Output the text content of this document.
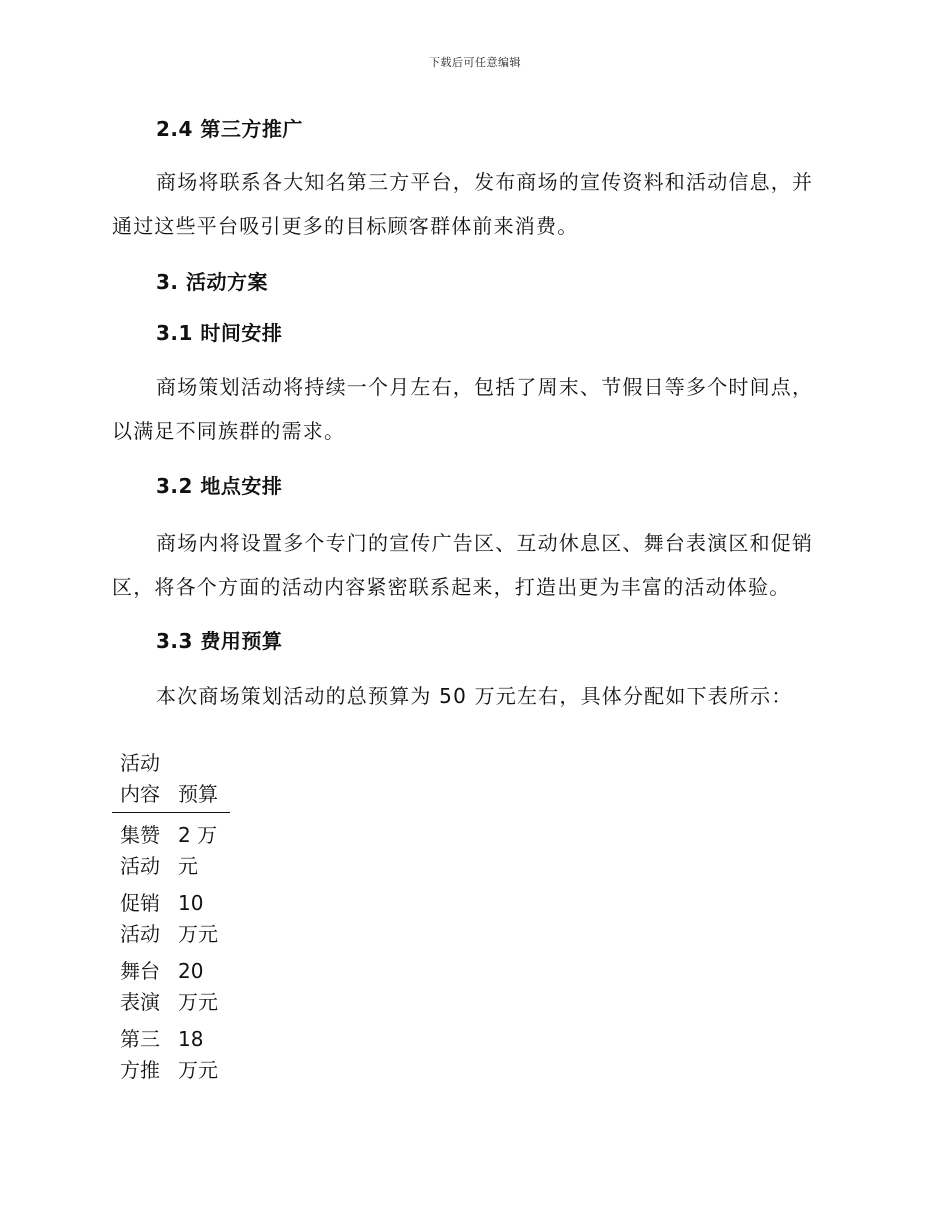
下载后可任意编辑
2.4 第三方推广

商场将联系各大知名第三方平台，发布商场的宣传资料和活动信息，并通过这些平台吸引更多的目标顾客群体前来消费。

3. 活动方案
3.1 时间安排

商场策划活动将持续一个月左右，包括了周末、节假日等多个时间点，以满足不同族群的需求。

3.2 地点安排

商场内将设置多个专门的宣传广告区、互动休息区、舞台表演区和促销区，将各个方面的活动内容紧密联系起来，打造出更为丰富的活动体验。

3.3 费用预算

本次商场策划活动的总预算为 50 万元左右，具体分配如下表所示：

活动内容	预算
集赞活动	2 万元
促销活动	10 万元
舞台表演	20 万元
第三方推	18 万元
